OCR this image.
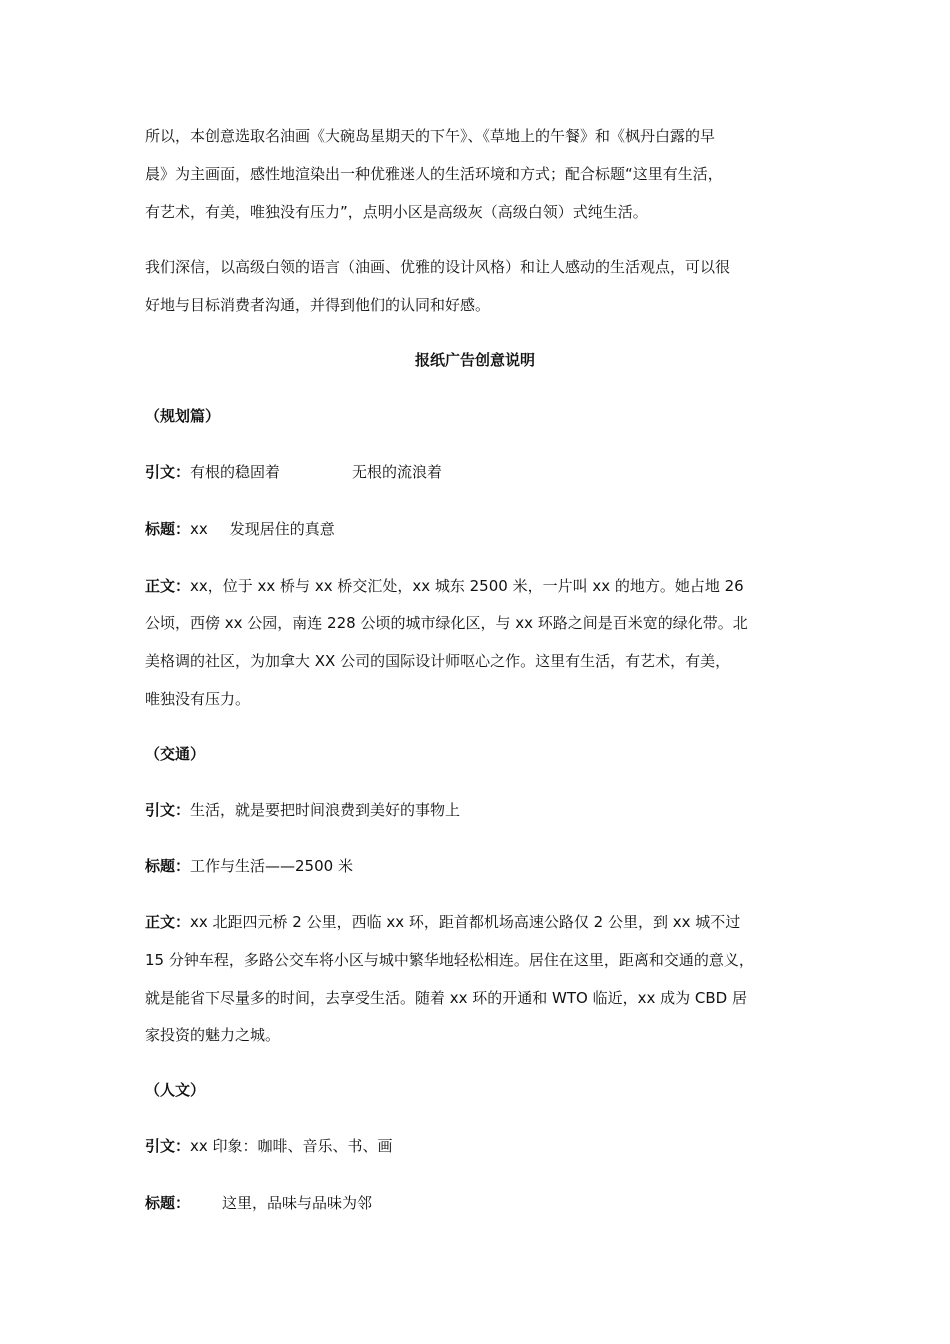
所以，本创意选取名油画《大碗岛星期天的下午》、《草地上的午餐》和《枫丹白露的早
晨》为主画面，感性地渲染出一种优雅迷人的生活环境和方式；配合标题“这里有生活，
有艺术，有美，唯独没有压力”，点明小区是高级灰（高级白领）式纯生活。
我们深信，以高级白领的语言（油画、优雅的设计风格）和让人感动的生活观点，可以很
好地与目标消费者沟通，并得到他们的认同和好感。
报纸广告创意说明
（规划篇）
引文：有根的稳固着	无根的流浪着
标题：xx 发现居住的真意
正文：xx，位于 xx 桥与 xx 桥交汇处，xx 城东 2500 米，一片叫 xx 的地方。她占地 26
公顷，西傍 xx 公园，南连 228 公顷的城市绿化区，与 xx 环路之间是百米宽的绿化带。北
美格调的社区，为加拿大 XX 公司的国际设计师呕心之作。这里有生活，有艺术，有美，
唯独没有压力。
（交通）
引文：生活，就是要把时间浪费到美好的事物上
标题：工作与生活——2500 米
正文：xx 北距四元桥 2 公里，西临 xx 环，距首都机场高速公路仅 2 公里，到 xx 城不过
15 分钟车程，多路公交车将小区与城中繁华地轻松相连。居住在这里，距离和交通的意义，
就是能省下尽量多的时间，去享受生活。随着 xx 环的开通和 WTO 临近，xx 成为 CBD 居
家投资的魅力之城。
（人文）
引文：xx 印象：咖啡、音乐、书、画
标题： 这里，品味与品味为邻
